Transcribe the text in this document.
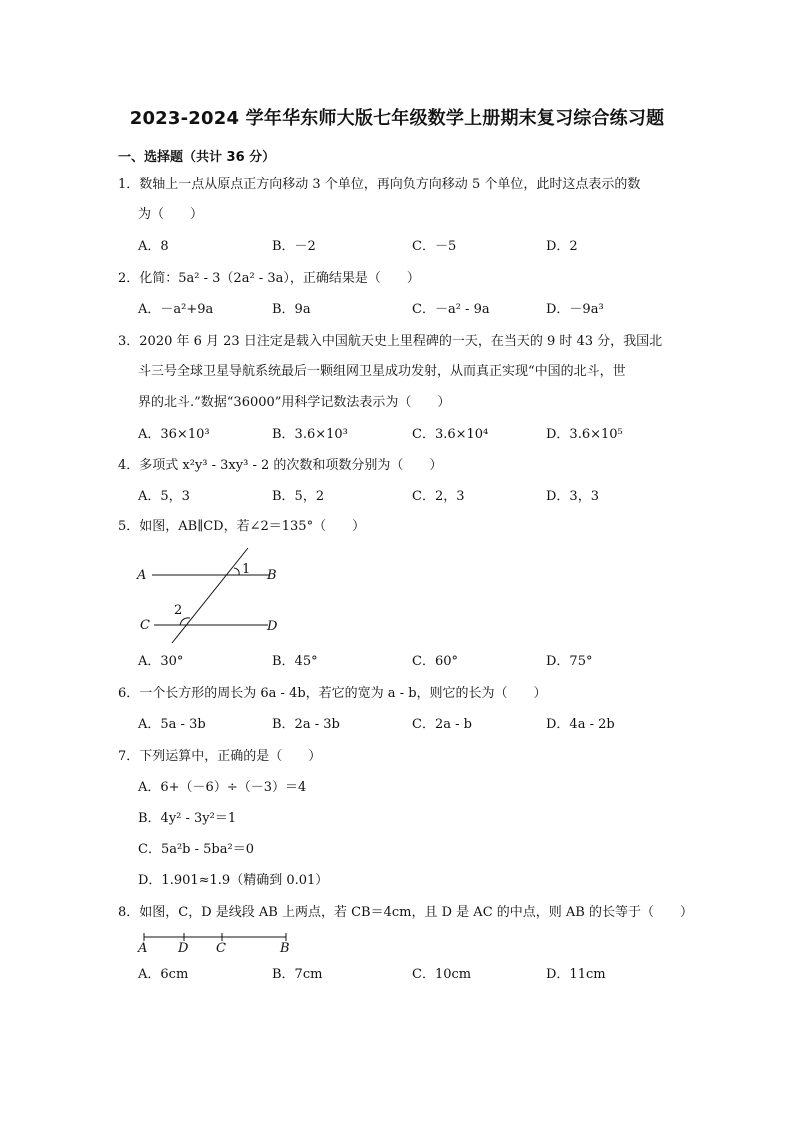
2023-2024 学年华东师大版七年级数学上册期末复习综合练习题
一、选择题（共计 36 分）
1．数轴上一点从原点正方向移动 3 个单位，再向负方向移动 5 个单位，此时这点表示的数
为（　　）
A．8	B．－2	C．－5	D．2
2．化简：5a² - 3（2a² - 3a），正确结果是（　　）
A．－a²+9a	B．9a	C．－a² - 9a	D．－9a³
3．2020 年 6 月 23 日注定是载入中国航天史上里程碑的一天，在当天的 9 时 43 分，我国北
斗三号全球卫星导航系统最后一颗组网卫星成功发射，从而真正实现“中国的北斗，世
界的北斗.”数据“36000”用科学记数法表示为（　　）
A．36×10³	B．3.6×10³	C．3.6×10⁴	D．3.6×10⁵
4．多项式 x²y³ - 3xy³ - 2 的次数和项数分别为（　　）
A．5，3	B．5，2	C．2，3	D．3，3
5．如图，AB∥CD，若∠2＝135°（　　）
A	B
C	D
1
2
A．30°	B．45°	C．60°	D．75°
6．一个长方形的周长为 6a - 4b，若它的宽为 a - b，则它的长为（　　）
A．5a - 3b	B．2a - 3b	C．2a - b	D．4a - 2b
7．下列运算中，正确的是（　　）
A．6+（－6）÷（－3）＝4
B．4y² - 3y²＝1
C．5a²b - 5ba²＝0
D．1.901≈1.9（精确到 0.01）
8．如图，C，D 是线段 AB 上两点，若 CB＝4cm，且 D 是 AC 的中点，则 AB 的长等于（　　）
A D C	B
A．6cm	B．7cm	C．10cm	D．11cm
